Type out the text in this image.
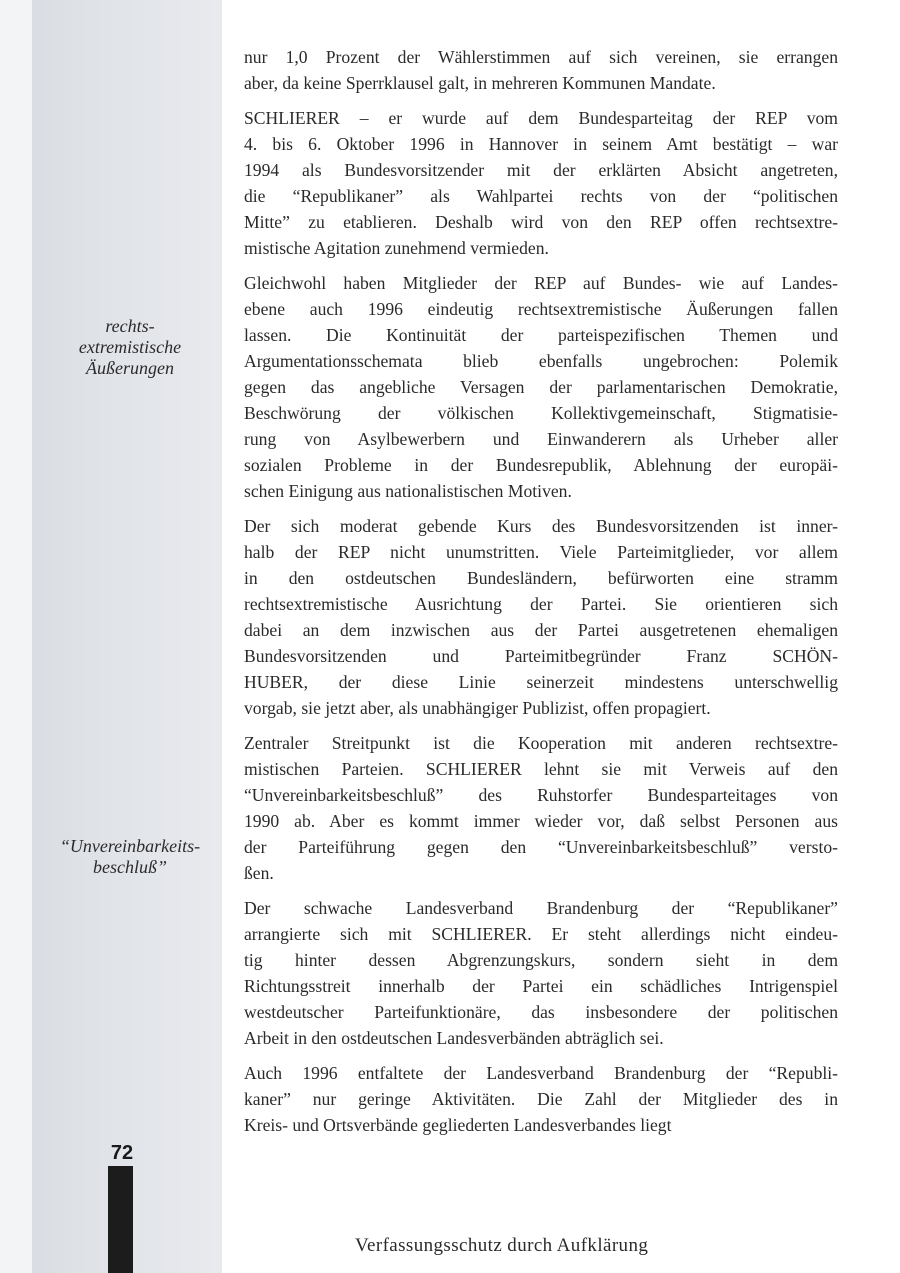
rechts-
extremistische
Äußerungen
“Unvereinbarkeits-
beschluß”
72

nur 1,0 Prozent der Wählerstimmen auf sich vereinen, sie errangen
aber, da keine Sperrklausel galt, in mehreren Kommunen Mandate.

SCHLIERER – er wurde auf dem Bundesparteitag der REP vom
4. bis 6. Oktober 1996 in Hannover in seinem Amt bestätigt – war
1994 als Bundesvorsitzender mit der erklärten Absicht angetreten,
die “Republikaner” als Wahlpartei rechts von der “politischen
Mitte” zu etablieren. Deshalb wird von den REP offen rechtsextre-
mistische Agitation zunehmend vermieden.

Gleichwohl haben Mitglieder der REP auf Bundes- wie auf Landes-
ebene auch 1996 eindeutig rechtsextremistische Äußerungen fallen
lassen. Die Kontinuität der parteispezifischen Themen und
Argumentationsschemata blieb ebenfalls ungebrochen: Polemik
gegen das angebliche Versagen der parlamentarischen Demokratie,
Beschwörung der völkischen Kollektivgemeinschaft, Stigmatisie-
rung von Asylbewerbern und Einwanderern als Urheber aller
sozialen Probleme in der Bundesrepublik, Ablehnung der europäi-
schen Einigung aus nationalistischen Motiven.

Der sich moderat gebende Kurs des Bundesvorsitzenden ist inner-
halb der REP nicht unumstritten. Viele Parteimitglieder, vor allem
in den ostdeutschen Bundesländern, befürworten eine stramm
rechtsextremistische Ausrichtung der Partei. Sie orientieren sich
dabei an dem inzwischen aus der Partei ausgetretenen ehemaligen
Bundesvorsitzenden und Parteimitbegründer Franz SCHÖN-
HUBER, der diese Linie seinerzeit mindestens unterschwellig
vorgab, sie jetzt aber, als unabhängiger Publizist, offen propagiert.

Zentraler Streitpunkt ist die Kooperation mit anderen rechtsextre-
mistischen Parteien. SCHLIERER lehnt sie mit Verweis auf den
“Unvereinbarkeitsbeschluß” des Ruhstorfer Bundesparteitages von
1990 ab. Aber es kommt immer wieder vor, daß selbst Personen aus
der Parteiführung gegen den “Unvereinbarkeitsbeschluß” versto-
ßen.

Der schwache Landesverband Brandenburg der “Republikaner”
arrangierte sich mit SCHLIERER. Er steht allerdings nicht eindeu-
tig hinter dessen Abgrenzungskurs, sondern sieht in dem
Richtungsstreit innerhalb der Partei ein schädliches Intrigenspiel
westdeutscher Parteifunktionäre, das insbesondere der politischen
Arbeit in den ostdeutschen Landesverbänden abträglich sei.

Auch 1996 entfaltete der Landesverband Brandenburg der “Republi-
kaner” nur geringe Aktivitäten. Die Zahl der Mitglieder des in
Kreis- und Ortsverbände gegliederten Landesverbandes liegt

Verfassungsschutz durch Aufklärung
